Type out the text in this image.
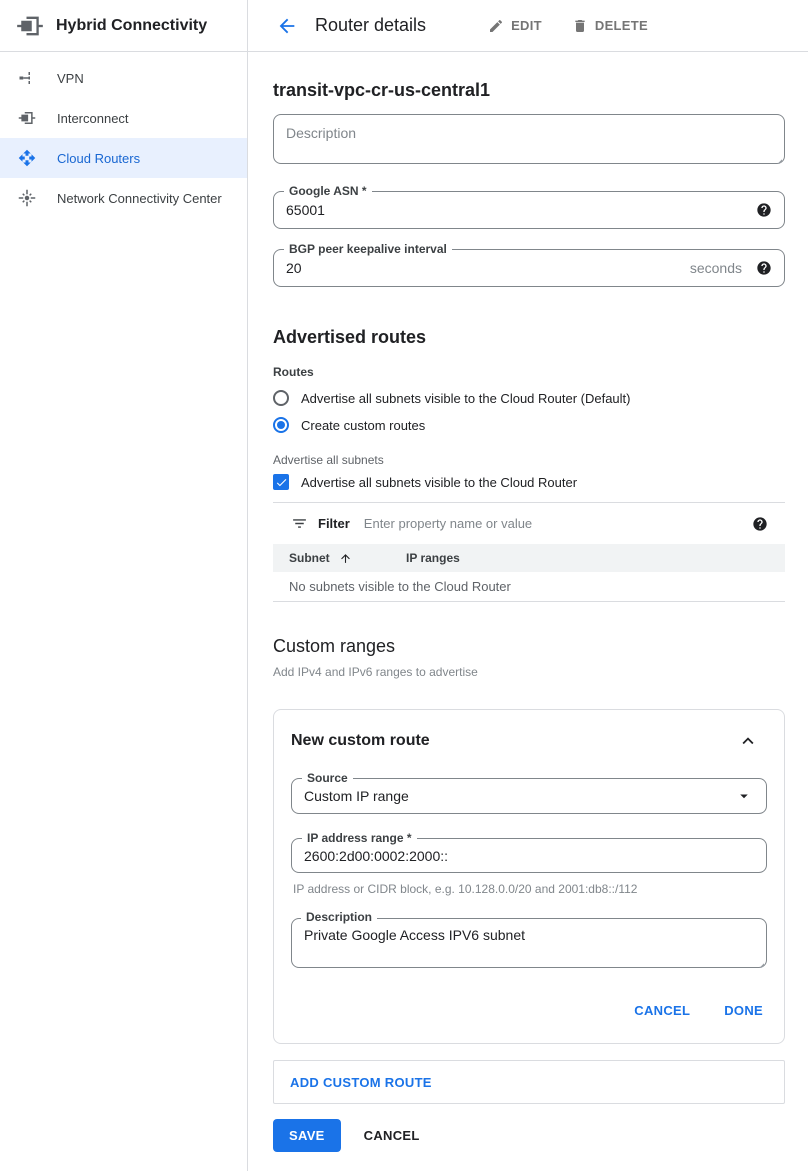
Hybrid Connectivity	Router details	EDIT	DELETE
VPN
Interconnect
Cloud Routers
Network Connectivity Center
transit-vpc-cr-us-central1
Description
Google ASN *
65001
BGP peer keepalive interval
20
seconds
Advertised routes
Routes
Advertise all subnets visible to the Cloud Router (Default)
Create custom routes
Advertise all subnets
Advertise all subnets visible to the Cloud Router
Filter
Enter property name or value
Subnet	IP ranges
No subnets visible to the Cloud Router
Custom ranges
Add IPv4 and IPv6 ranges to advertise
New custom route
Source
Custom IP range
IP address range *
2600:2d00:0002:2000::
IP address or CIDR block, e.g. 10.128.0.0/20 and 2001:db8::/112
Description
Private Google Access IPV6 subnet
CANCEL	DONE
ADD CUSTOM ROUTE
SAVE	CANCEL
